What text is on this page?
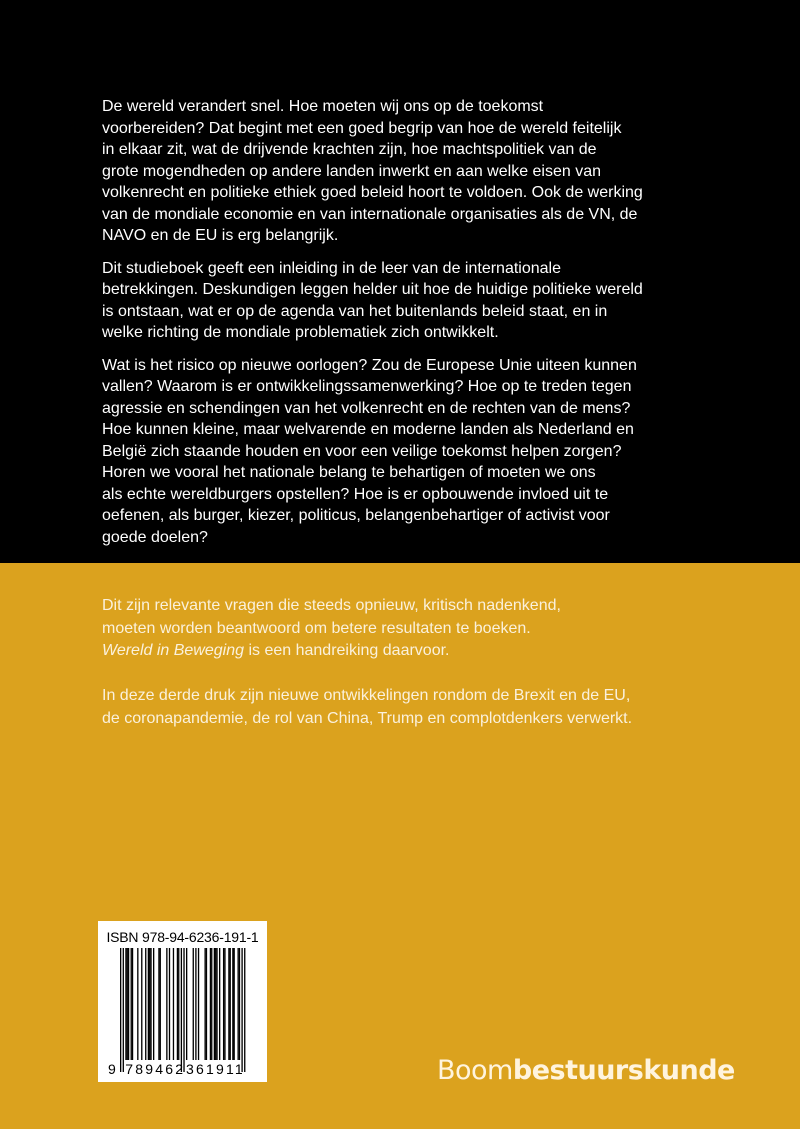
De wereld verandert snel. Hoe moeten wij ons op de toekomst
voorbereiden? Dat begint met een goed begrip van hoe de wereld feitelijk
in elkaar zit, wat de drijvende krachten zijn, hoe machtspolitiek van de
grote mogendheden op andere landen inwerkt en aan welke eisen van
volkenrecht en politieke ethiek goed beleid hoort te voldoen. Ook de werking
van de mondiale economie en van internationale organisaties als de VN, de
NAVO en de EU is erg belangrijk.

Dit studieboek geeft een inleiding in de leer van de internationale
betrekkingen. Deskundigen leggen helder uit hoe de huidige politieke wereld
is ontstaan, wat er op de agenda van het buitenlands beleid staat, en in
welke richting de mondiale problematiek zich ontwikkelt.

Wat is het risico op nieuwe oorlogen? Zou de Europese Unie uiteen kunnen
vallen? Waarom is er ontwikkelingssamenwerking? Hoe op te treden tegen
agressie en schendingen van het volkenrecht en de rechten van de mens?
Hoe kunnen kleine, maar welvarende en moderne landen als Nederland en
België zich staande houden en voor een veilige toekomst helpen zorgen?
Horen we vooral het nationale belang te behartigen of moeten we ons
als echte wereldburgers opstellen? Hoe is er opbouwende invloed uit te
oefenen, als burger, kiezer, politicus, belangenbehartiger of activist voor
goede doelen?

Dit zijn relevante vragen die steeds opnieuw, kritisch nadenkend,
moeten worden beantwoord om betere resultaten te boeken.
Wereld in Beweging is een handreiking daarvoor.

In deze derde druk zijn nieuwe ontwikkelingen rondom de Brexit en de EU,
de coronapandemie, de rol van China, Trump en complotdenkers verwerkt.

ISBN 978-94-6236-191-1
9 789462 361911	Boombestuurskunde
